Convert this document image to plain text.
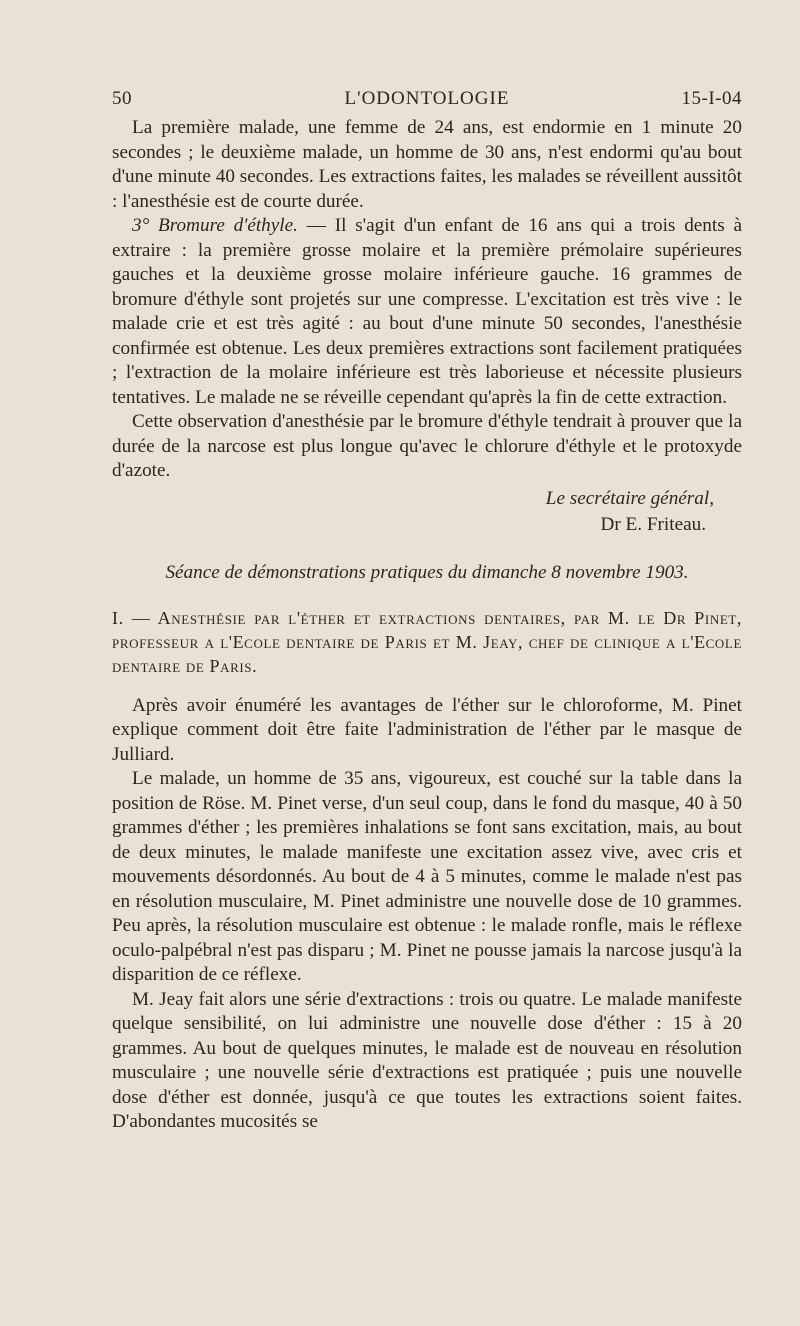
50	L'ODONTOLOGIE	15-I-04

La première malade, une femme de 24 ans, est endormie en 1 minute 20 secondes ; le deuxième malade, un homme de 30 ans, n'est endormi qu'au bout d'une minute 40 secondes. Les extractions faites, les malades se réveillent aussitôt : l'anesthésie est de courte durée.

3° Bromure d'éthyle. — Il s'agit d'un enfant de 16 ans qui a trois dents à extraire : la première grosse molaire et la première prémolaire supérieures gauches et la deuxième grosse molaire inférieure gauche. 16 grammes de bromure d'éthyle sont projetés sur une compresse. L'excitation est très vive : le malade crie et est très agité : au bout d'une minute 50 secondes, l'anesthésie confirmée est obtenue. Les deux premières extractions sont facilement pratiquées ; l'extraction de la molaire inférieure est très laborieuse et nécessite plusieurs tentatives. Le malade ne se réveille cependant qu'après la fin de cette extraction.

Cette observation d'anesthésie par le bromure d'éthyle tendrait à prouver que la durée de la narcose est plus longue qu'avec le chlorure d'éthyle et le protoxyde d'azote.

Le secrétaire général,
Dr E. Friteau.
Séance de démonstrations pratiques du dimanche 8 novembre 1903.
I. — Anesthésie par l'éther et extractions dentaires, par M. le Dr Pinet, professeur a l'Ecole dentaire de Paris et M. Jeay, chef de clinique a l'Ecole dentaire de Paris.

Après avoir énuméré les avantages de l'éther sur le chloroforme, M. Pinet explique comment doit être faite l'administration de l'éther par le masque de Julliard.

Le malade, un homme de 35 ans, vigoureux, est couché sur la table dans la position de Röse. M. Pinet verse, d'un seul coup, dans le fond du masque, 40 à 50 grammes d'éther ; les premières inhalations se font sans excitation, mais, au bout de deux minutes, le malade manifeste une excitation assez vive, avec cris et mouvements désordonnés. Au bout de 4 à 5 minutes, comme le malade n'est pas en résolution musculaire, M. Pinet administre une nouvelle dose de 10 grammes. Peu après, la résolution musculaire est obtenue : le malade ronfle, mais le réflexe oculo-palpébral n'est pas disparu ; M. Pinet ne pousse jamais la narcose jusqu'à la disparition de ce réflexe.

M. Jeay fait alors une série d'extractions : trois ou quatre. Le malade manifeste quelque sensibilité, on lui administre une nouvelle dose d'éther : 15 à 20 grammes. Au bout de quelques minutes, le malade est de nouveau en résolution musculaire ; une nouvelle série d'extractions est pratiquée ; puis une nouvelle dose d'éther est donnée, jusqu'à ce que toutes les extractions soient faites. D'abondantes mucosités se
